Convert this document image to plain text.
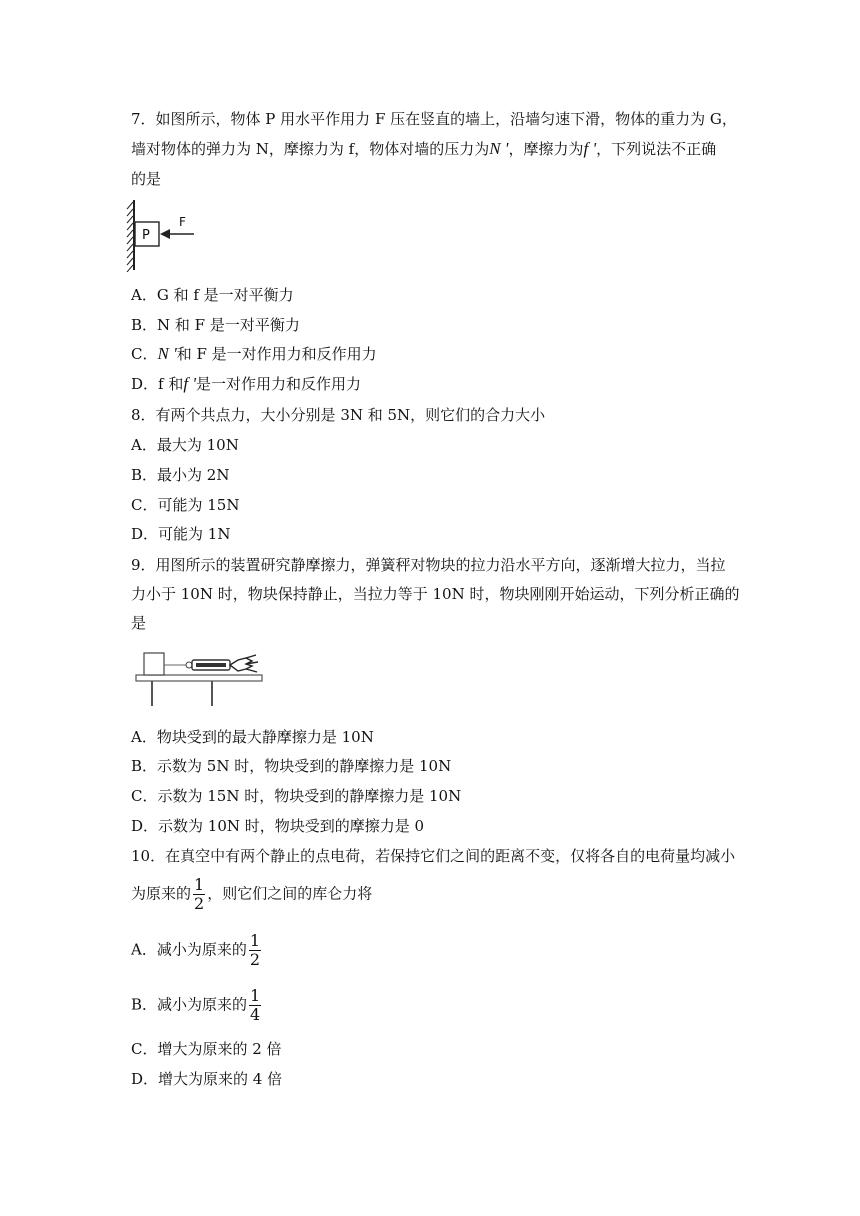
7．如图所示，物体 P 用水平作用力 F 压在竖直的墙上，沿墙匀速下滑，物体的重力为 G，
墙对物体的弹力为 N，摩擦力为 f，物体对墙的压力为N '，摩擦力为f '，下列说法不正确
的是
P
F
A．G 和 f 是一对平衡力
B．N 和 F 是一对平衡力
C．N '和 F 是一对作用力和反作用力
D．f 和f '是一对作用力和反作用力
8．有两个共点力，大小分别是 3N 和 5N，则它们的合力大小
A．最大为 10N
B．最小为 2N
C．可能为 15N
D．可能为 1N
9．用图所示的装置研究静摩擦力，弹簧秤对物块的拉力沿水平方向，逐渐增大拉力，当拉
力小于 10N 时，物块保持静止，当拉力等于 10N 时，物块刚刚开始运动，下列分析正确的
是
A．物块受到的最大静摩擦力是 10N
B．示数为 5N 时，物块受到的静摩擦力是 10N
C．示数为 15N 时，物块受到的静摩擦力是 10N
D．示数为 10N 时，物块受到的摩擦力是 0
10．在真空中有两个静止的点电荷，若保持它们之间的距离不变，仅将各自的电荷量均减小
为原来的 $\frac{1}{2}$ ，则它们之间的库仑力将
A．减小为原来的 $\frac{1}{2}$
B．减小为原来的 $\frac{1}{4}$
C．增大为原来的 2 倍
D．增大为原来的 4 倍
